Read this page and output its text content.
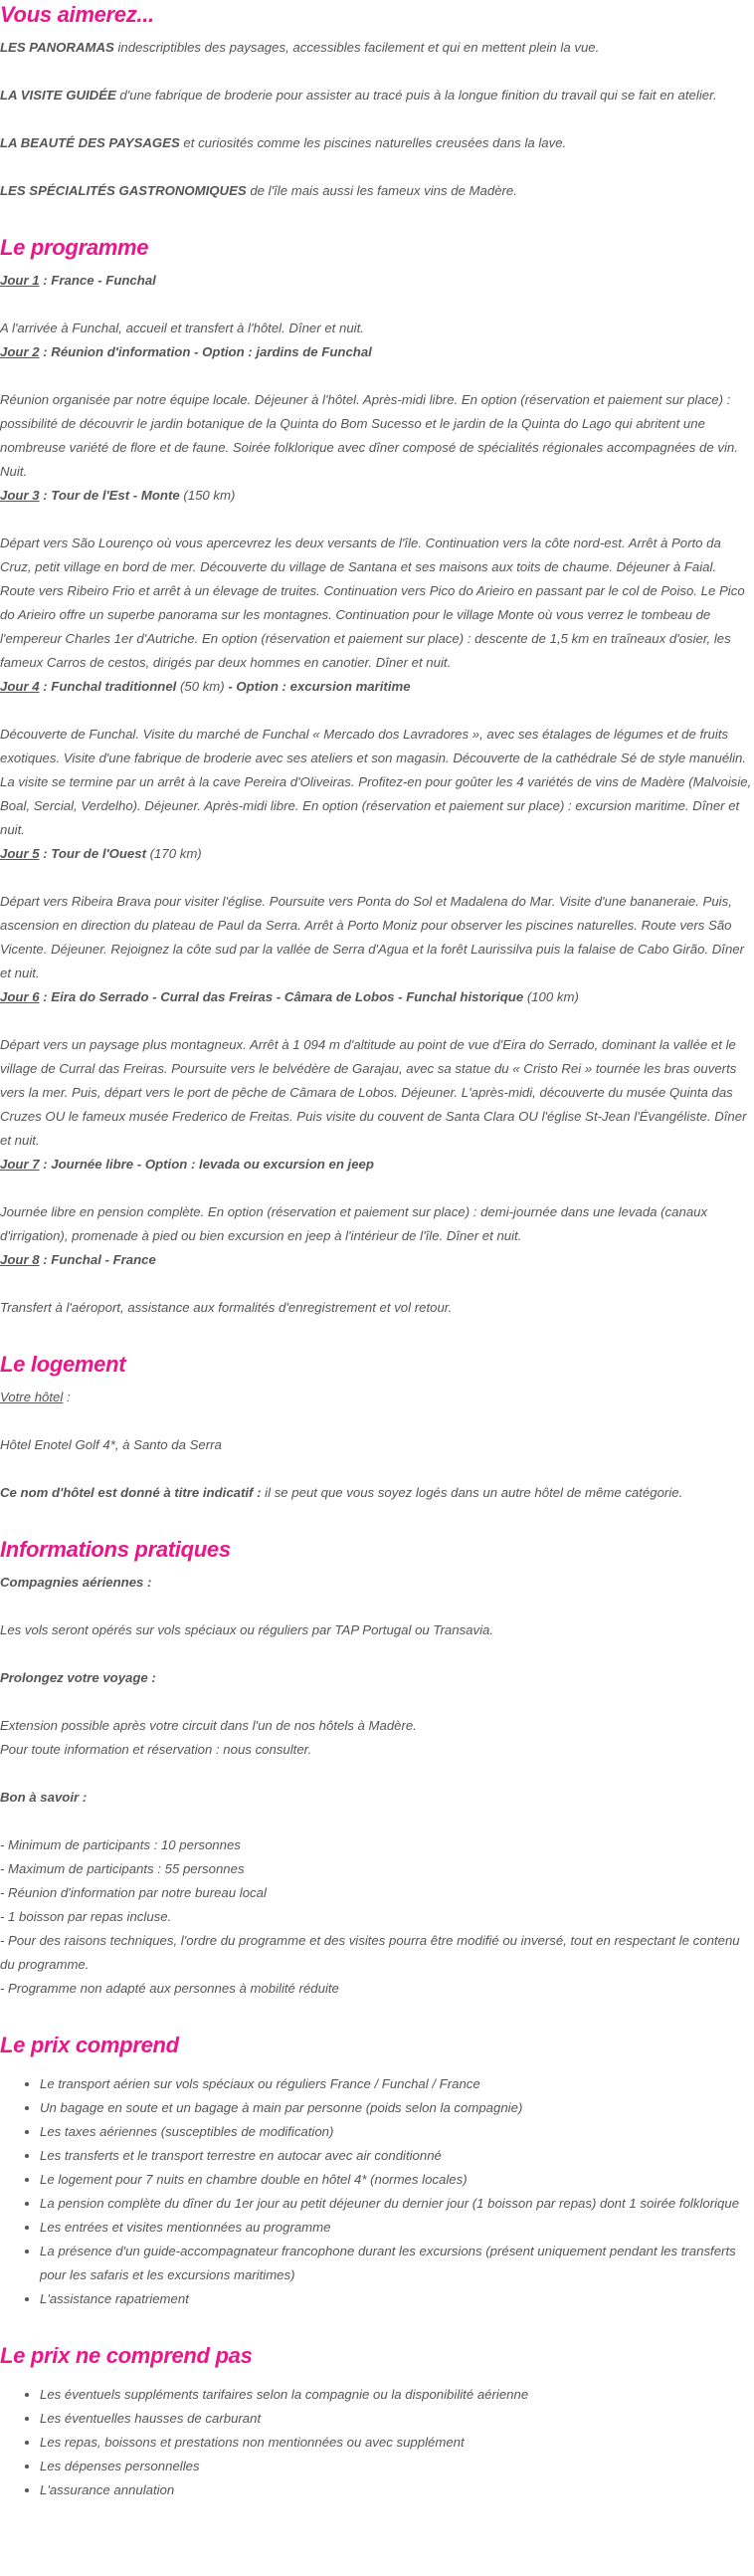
Vous aimerez...

LES PANORAMAS indescriptibles des paysages, accessibles facilement et qui en mettent plein la vue.

LA VISITE GUIDÉE d'une fabrique de broderie pour assister au tracé puis à la longue finition du travail qui se fait en atelier.

LA BEAUTÉ DES PAYSAGES et curiosités comme les piscines naturelles creusées dans la lave.

LES SPÉCIALITÉS GASTRONOMIQUES de l'île mais aussi les fameux vins de Madère.

Le programme

Jour 1 : France - Funchal

A l'arrivée à Funchal, accueil et transfert à l'hôtel. Dîner et nuit.

Jour 2 : Réunion d'information - Option : jardins de Funchal

Réunion organisée par notre équipe locale. Déjeuner à l'hôtel. Après-midi libre. En option (réservation et paiement sur place) : possibilité de découvrir le jardin botanique de la Quinta do Bom Sucesso et le jardin de la Quinta do Lago qui abritent une nombreuse variété de flore et de faune. Soirée folklorique avec dîner composé de spécialités régionales accompagnées de vin. Nuit.

Jour 3 : Tour de l'Est - Monte (150 km)

Départ vers São Lourenço où vous apercevrez les deux versants de l'île. Continuation vers la côte nord-est. Arrêt à Porto da Cruz, petit village en bord de mer. Découverte du village de Santana et ses maisons aux toits de chaume. Déjeuner à Faial. Route vers Ribeiro Frio et arrêt à un élevage de truites. Continuation vers Pico do Arieiro en passant par le col de Poiso. Le Pico do Arieiro offre un superbe panorama sur les montagnes. Continuation pour le village Monte où vous verrez le tombeau de l'empereur Charles 1er d'Autriche. En option (réservation et paiement sur place) : descente de 1,5 km en traîneaux d'osier, les fameux Carros de cestos, dirigés par deux hommes en canotier. Dîner et nuit.

Jour 4 : Funchal traditionnel (50 km) - Option : excursion maritime

Découverte de Funchal. Visite du marché de Funchal « Mercado dos Lavradores », avec ses étalages de légumes et de fruits exotiques. Visite d'une fabrique de broderie avec ses ateliers et son magasin. Découverte de la cathédrale Sé de style manuélin. La visite se termine par un arrêt à la cave Pereira d'Oliveiras. Profitez-en pour goûter les 4 variétés de vins de Madère (Malvoisie, Boal, Sercial, Verdelho). Déjeuner. Après-midi libre. En option (réservation et paiement sur place) : excursion maritime. Dîner et nuit.

Jour 5 : Tour de l'Ouest (170 km)

Départ vers Ribeira Brava pour visiter l'église. Poursuite vers Ponta do Sol et Madalena do Mar. Visite d'une bananeraie. Puis, ascension en direction du plateau de Paul da Serra. Arrêt à Porto Moniz pour observer les piscines naturelles. Route vers São Vicente. Déjeuner. Rejoignez la côte sud par la vallée de Serra d'Agua et la forêt Laurissilva puis la falaise de Cabo Girão. Dîner et nuit.

Jour 6 : Eira do Serrado - Curral das Freiras - Câmara de Lobos - Funchal historique (100 km)

Départ vers un paysage plus montagneux. Arrêt à 1 094 m d'altitude au point de vue d'Eira do Serrado, dominant la vallée et le village de Curral das Freiras. Poursuite vers le belvédère de Garajau, avec sa statue du « Cristo Rei » tournée les bras ouverts vers la mer. Puis, départ vers le port de pêche de Câmara de Lobos. Déjeuner. L'après-midi, découverte du musée Quinta das Cruzes OU le fameux musée Frederico de Freitas. Puis visite du couvent de Santa Clara OU l'église St-Jean l'Évangéliste. Dîner et nuit.

Jour 7 : Journée libre - Option : levada ou excursion en jeep

Journée libre en pension complète. En option (réservation et paiement sur place) : demi-journée dans une levada (canaux d'irrigation), promenade à pied ou bien excursion en jeep à l'intérieur de l'île. Dîner et nuit.

Jour 8 : Funchal - France

Transfert à l'aéroport, assistance aux formalités d'enregistrement et vol retour.

Le logement

Votre hôtel :

Hôtel Enotel Golf 4*, à Santo da Serra

Ce nom d'hôtel est donné à titre indicatif : il se peut que vous soyez logés dans un autre hôtel de même catégorie.

Informations pratiques

Compagnies aériennes :

Les vols seront opérés sur vols spéciaux ou réguliers par TAP Portugal ou Transavia.

Prolongez votre voyage :

Extension possible après votre circuit dans l'un de nos hôtels à Madère.

Pour toute information et réservation : nous consulter.

Bon à savoir :

- Minimum de participants : 10 personnes

- Maximum de participants : 55 personnes

- Réunion d'information par notre bureau local

- 1 boisson par repas incluse.

- Pour des raisons techniques, l'ordre du programme et des visites pourra être modifié ou inversé, tout en respectant le contenu du programme.

- Programme non adapté aux personnes à mobilité réduite

Le prix comprend
• Le transport aérien sur vols spéciaux ou réguliers France / Funchal / France
• Un bagage en soute et un bagage à main par personne (poids selon la compagnie)
• Les taxes aériennes (susceptibles de modification)
• Les transferts et le transport terrestre en autocar avec air conditionné
• Le logement pour 7 nuits en chambre double en hôtel 4* (normes locales)
• La pension complète du dîner du 1er jour au petit déjeuner du dernier jour (1 boisson par repas) dont 1 soirée folklorique
• Les entrées et visites mentionnées au programme
• La présence d'un guide-accompagnateur francophone durant les excursions (présent uniquement pendant les transferts pour les safaris et les excursions maritimes)
• L'assistance rapatriement
Le prix ne comprend pas
• Les éventuels suppléments tarifaires selon la compagnie ou la disponibilité aérienne
• Les éventuelles hausses de carburant
• Les repas, boissons et prestations non mentionnées ou avec supplément
• Les dépenses personnelles
• L'assurance annulation
